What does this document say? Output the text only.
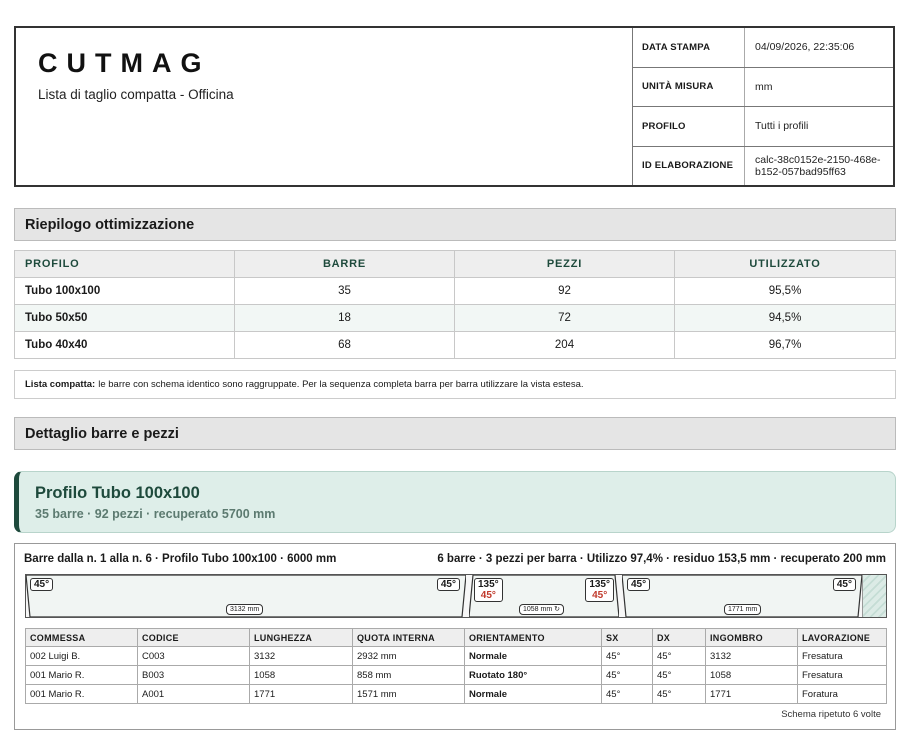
CUTMAG
Lista di taglio compatta - Officina
DATA STAMPA	04/09/2026, 22:35:06
UNITÀ MISURA	mm
PROFILO	Tutti i profili
ID ELABORAZIONE	calc-38c0152e-2150-468e-b152-057bad95ff63
Riepilogo ottimizzazione
PROFILO	BARRE	PEZZI	UTILIZZATO
Tubo 100x100	35	92	95,5%
Tubo 50x50	18	72	94,5%
Tubo 40x40	68	204	96,7%
Lista compatta: le barre con schema identico sono raggruppate. Per la sequenza completa barra per barra utilizzare la vista estesa.
Dettaglio barre e pezzi
Profilo Tubo 100x100
35 barre · 92 pezzi · recuperato 5700 mm
Barre dalla n. 1 alla n. 6 · Profilo Tubo 100x100 · 6000 mm	6 barre · 3 pezzi per barra · Utilizzo 97,4% · residuo 153,5 mm · recuperato 200 mm
45°	45°
3132 mm
135°
45°
135°
45°
1058 mm ↻
45°	45°
1771 mm
COMMESSA	CODICE	LUNGHEZZA	QUOTA INTERNA	ORIENTAMENTO	SX	DX	INGOMBRO	LAVORAZIONE
002 Luigi B.	C003	3132	2932 mm	Normale	45°	45°	3132	Fresatura
001 Mario R.	B003	1058	858 mm	Ruotato 180°	45°	45°	1058	Fresatura
001 Mario R.	A001	1771	1571 mm	Normale	45°	45°	1771	Foratura
Schema ripetuto 6 volte
